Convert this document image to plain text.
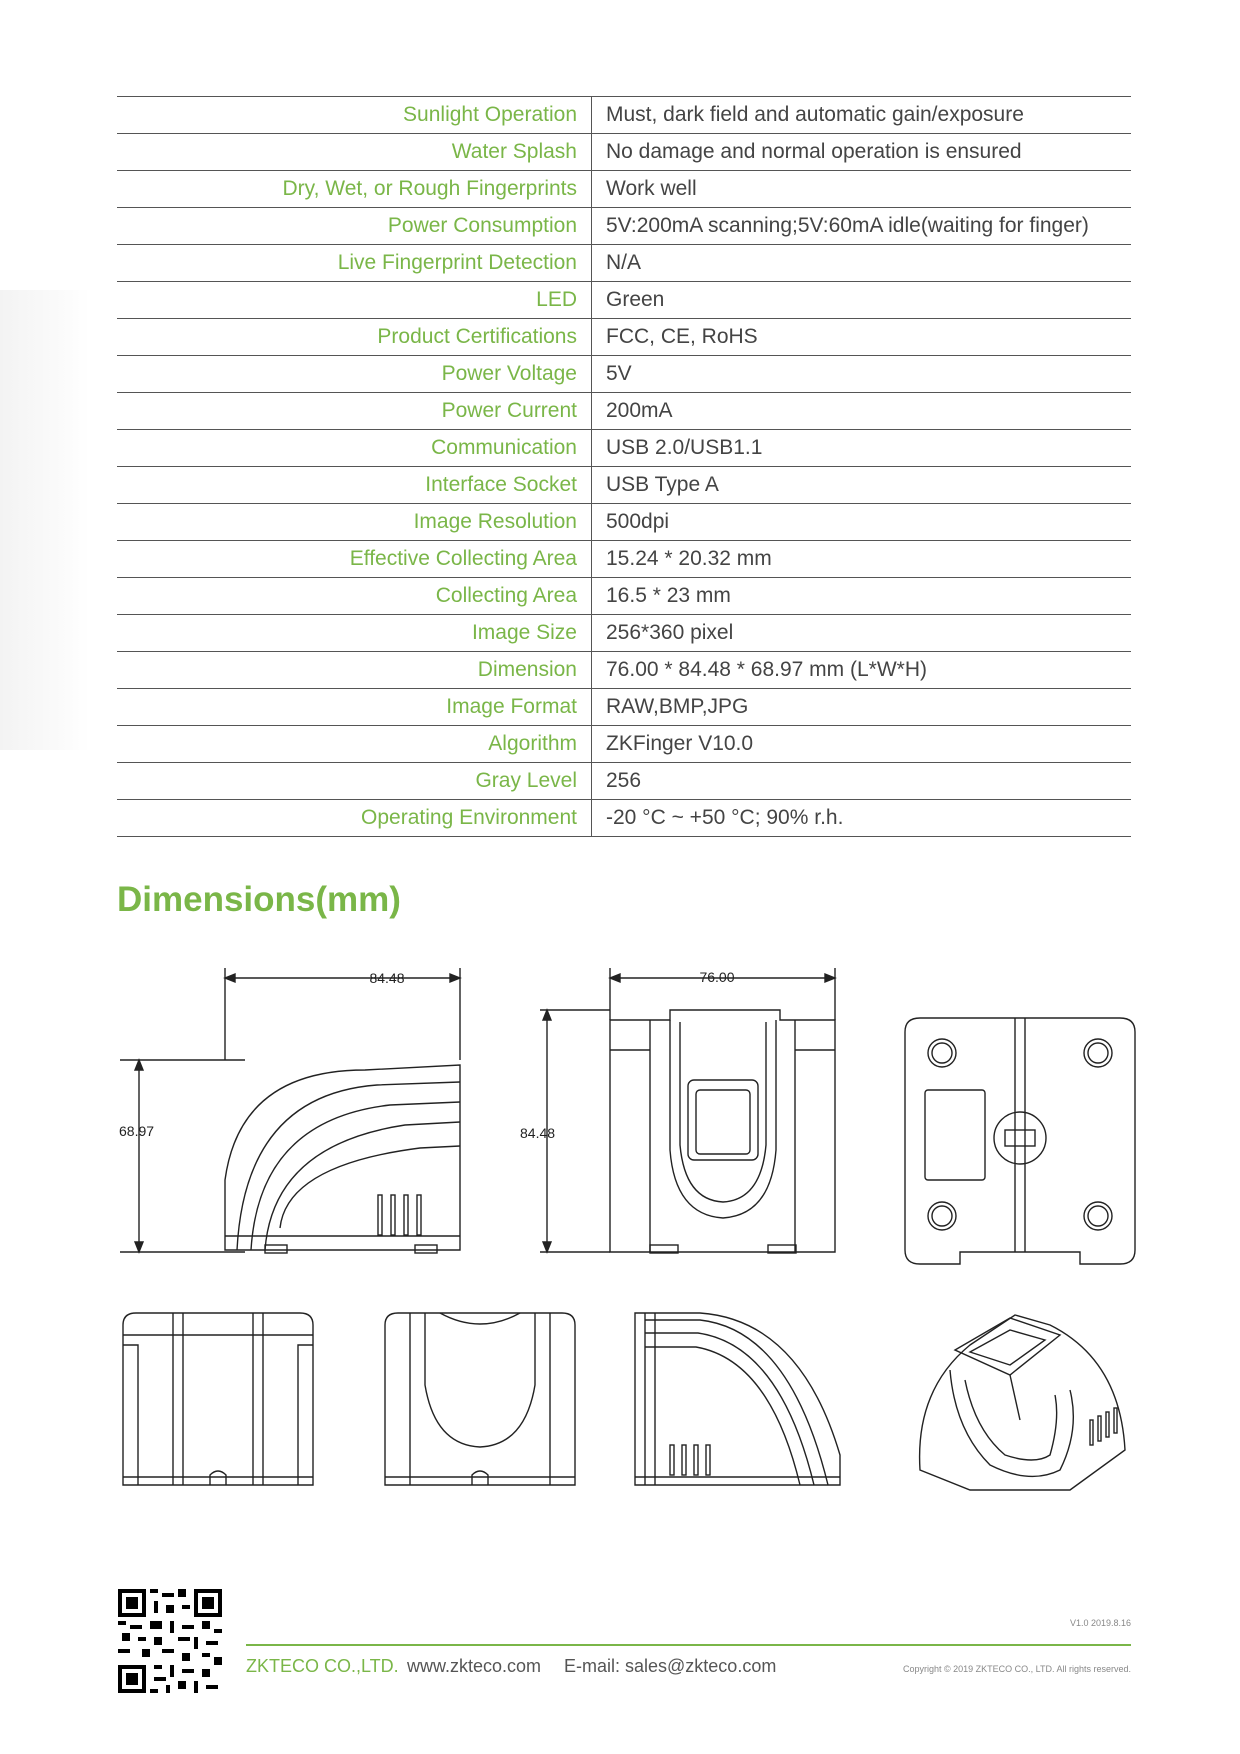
Sunlight Operation	Must, dark field and automatic gain/exposure
Water Splash	No damage and normal operation is ensured
Dry, Wet, or Rough Fingerprints	Work well
Power Consumption	5V:200mA scanning;5V:60mA idle(waiting for finger)
Live Fingerprint Detection	N/A
LED	Green
Product Certifications	FCC, CE, RoHS
Power Voltage	5V
Power Current	200mA
Communication	USB 2.0/USB1.1
Interface Socket	USB Type A
Image Resolution	500dpi
Effective Collecting Area	15.24 * 20.32 mm
Collecting Area	16.5 * 23 mm
Image Size	256*360 pixel
Dimension	76.00 * 84.48 * 68.97 mm (L*W*H)
Image Format	RAW,BMP,JPG
Algorithm	ZKFinger V10.0
Gray Level	256
Operating Environment	-20 °C ~ +50 °C; 90% r.h.
Dimensions(mm)
84.48
68.97
76.00
84.48
V1.0 2019.8.16
ZKTECO CO.,LTD. www.zkteco.com E-mail: sales@zkteco.com	Copyright © 2019 ZKTECO CO., LTD. All rights reserved.
